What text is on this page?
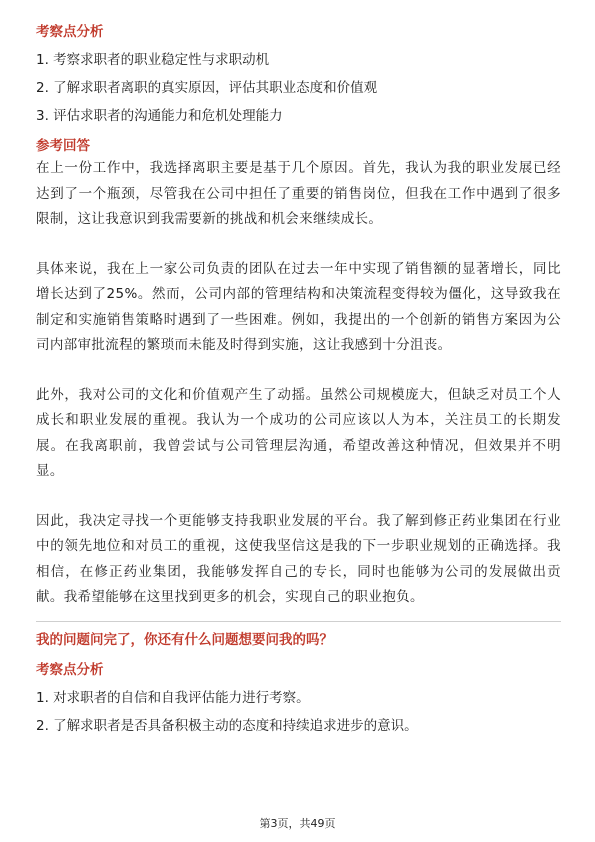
考察点分析
1. 考察求职者的职业稳定性与求职动机
2. 了解求职者离职的真实原因，评估其职业态度和价值观
3. 评估求职者的沟通能力和危机处理能力
参考回答
在上一份工作中，我选择离职主要是基于几个原因。首先，我认为我的职业发展已经达到了一个瓶颈，尽管我在公司中担任了重要的销售岗位，但我在工作中遇到了很多限制，这让我意识到我需要新的挑战和机会来继续成长。
具体来说，我在上一家公司负责的团队在过去一年中实现了销售额的显著增长，同比增长达到了25%。然而，公司内部的管理结构和决策流程变得较为僵化，这导致我在制定和实施销售策略时遇到了一些困难。例如，我提出的一个创新的销售方案因为公司内部审批流程的繁琐而未能及时得到实施，这让我感到十分沮丧。
此外，我对公司的文化和价值观产生了动摇。虽然公司规模庞大，但缺乏对员工个人成长和职业发展的重视。我认为一个成功的公司应该以人为本，关注员工的长期发展。在我离职前，我曾尝试与公司管理层沟通，希望改善这种情况，但效果并不明显。
因此，我决定寻找一个更能够支持我职业发展的平台。我了解到修正药业集团在行业中的领先地位和对员工的重视，这使我坚信这是我的下一步职业规划的正确选择。我相信，在修正药业集团，我能够发挥自己的专长，同时也能够为公司的发展做出贡献。我希望能够在这里找到更多的机会，实现自己的职业抱负。
我的问题问完了，你还有什么问题想要问我的吗？
考察点分析
1. 对求职者的自信和自我评估能力进行考察。
2. 了解求职者是否具备积极主动的态度和持续追求进步的意识。
第3页，共49页
